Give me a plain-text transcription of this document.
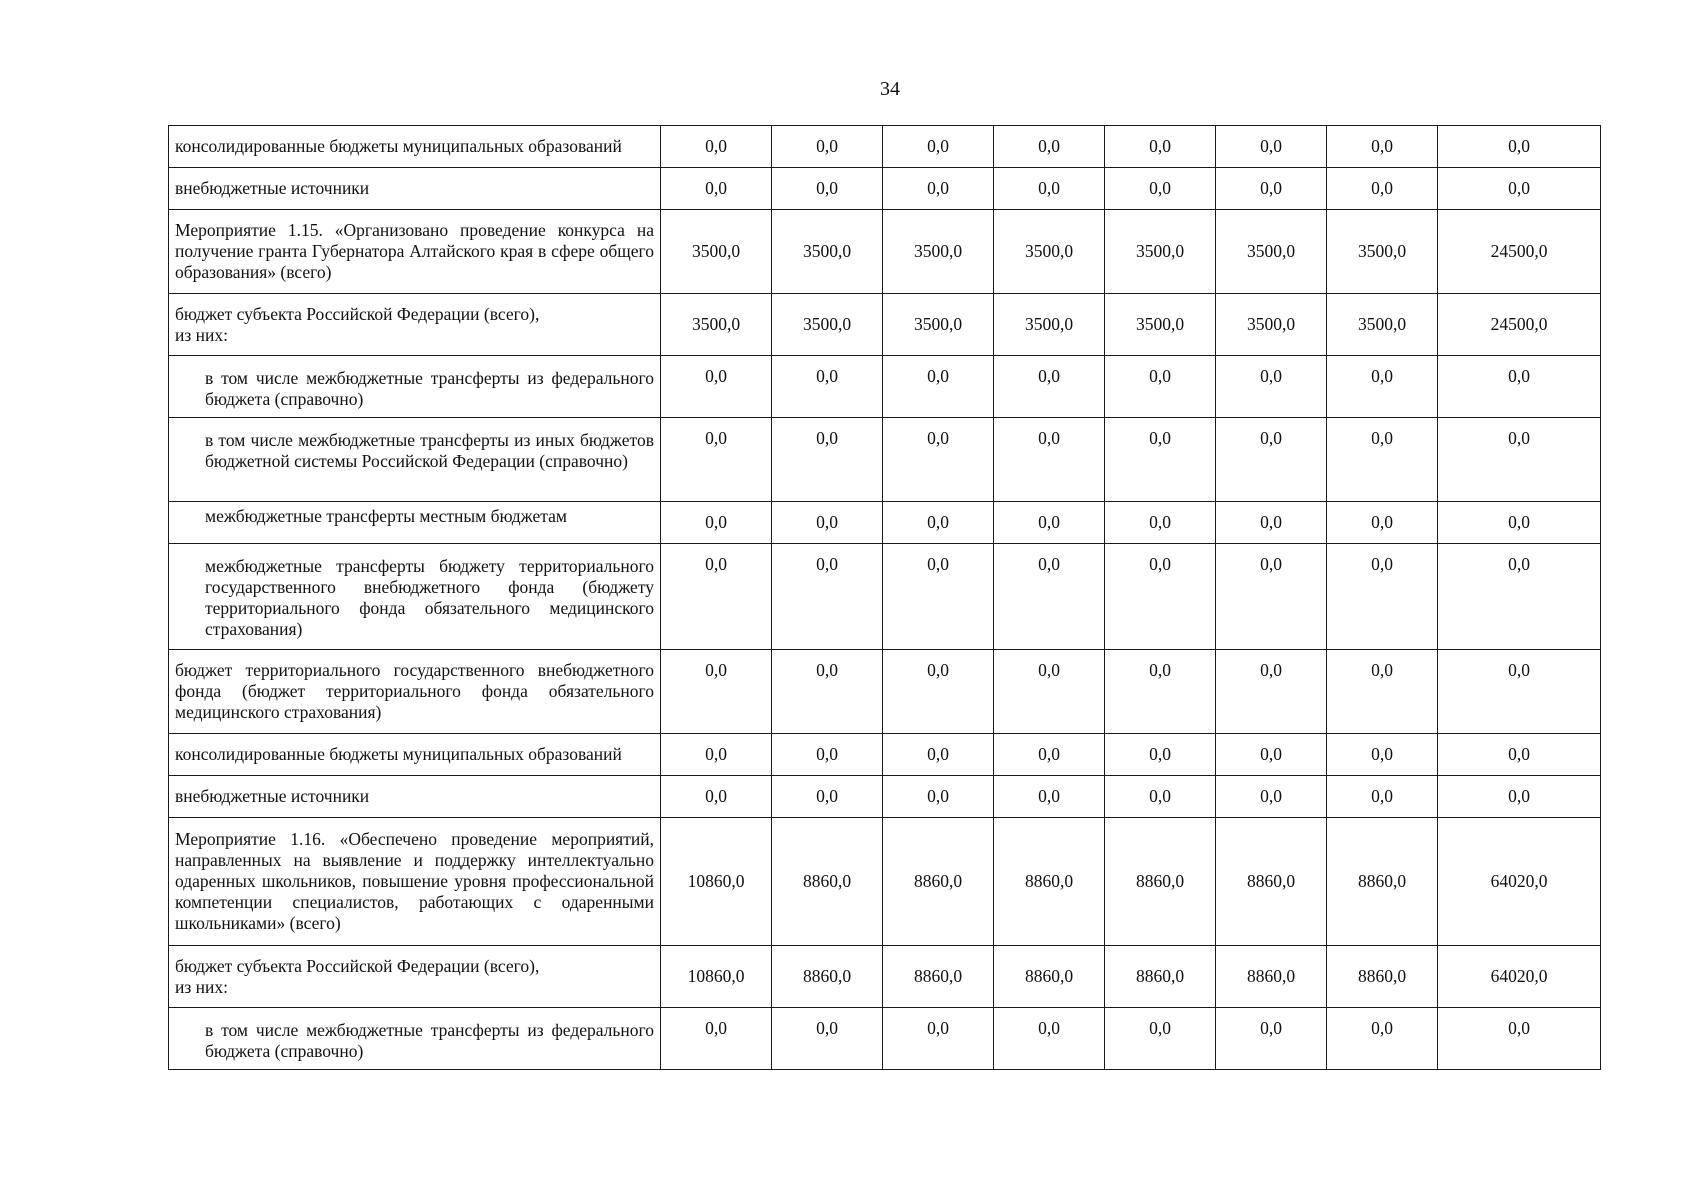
34
консолидированные бюджеты муниципальных образований	0,0	0,0	0,0	0,0	0,0	0,0	0,0	0,0
внебюджетные источники	0,0	0,0	0,0	0,0	0,0	0,0	0,0	0,0
Мероприятие 1.15. «Организовано проведение конкурса на получение гранта Губернатора Алтайского края в сфере общего образования» (всего)	3500,0	3500,0	3500,0	3500,0	3500,0	3500,0	3500,0	24500,0
бюджет субъекта Российской Федерации (всего),
из них:	3500,0	3500,0	3500,0	3500,0	3500,0	3500,0	3500,0	24500,0
в том числе межбюджетные трансферты из федерального бюджета (справочно)	0,0	0,0	0,0	0,0	0,0	0,0	0,0	0,0
в том числе межбюджетные трансферты из иных бюджетов бюджетной системы Российской Федерации (справочно)	0,0	0,0	0,0	0,0	0,0	0,0	0,0	0,0
межбюджетные трансферты местным бюджетам	0,0	0,0	0,0	0,0	0,0	0,0	0,0	0,0
межбюджетные трансферты бюджету территориального государственного внебюджетного фонда (бюджету территориального фонда обязательного медицинского страхования)	0,0	0,0	0,0	0,0	0,0	0,0	0,0	0,0
бюджет территориального государственного внебюджетного фонда (бюджет территориального фонда обязательного медицинского страхования)	0,0	0,0	0,0	0,0	0,0	0,0	0,0	0,0
консолидированные бюджеты муниципальных образований	0,0	0,0	0,0	0,0	0,0	0,0	0,0	0,0
внебюджетные источники	0,0	0,0	0,0	0,0	0,0	0,0	0,0	0,0
Мероприятие 1.16. «Обеспечено проведение мероприятий, направленных на выявление и поддержку интеллектуально одаренных школьников, повышение уровня профессиональной компетенции специалистов, работающих с одаренными школьниками» (всего)	10860,0	8860,0	8860,0	8860,0	8860,0	8860,0	8860,0	64020,0
бюджет субъекта Российской Федерации (всего),
из них:	10860,0	8860,0	8860,0	8860,0	8860,0	8860,0	8860,0	64020,0
в том числе межбюджетные трансферты из федерального бюджета (справочно)	0,0	0,0	0,0	0,0	0,0	0,0	0,0	0,0
